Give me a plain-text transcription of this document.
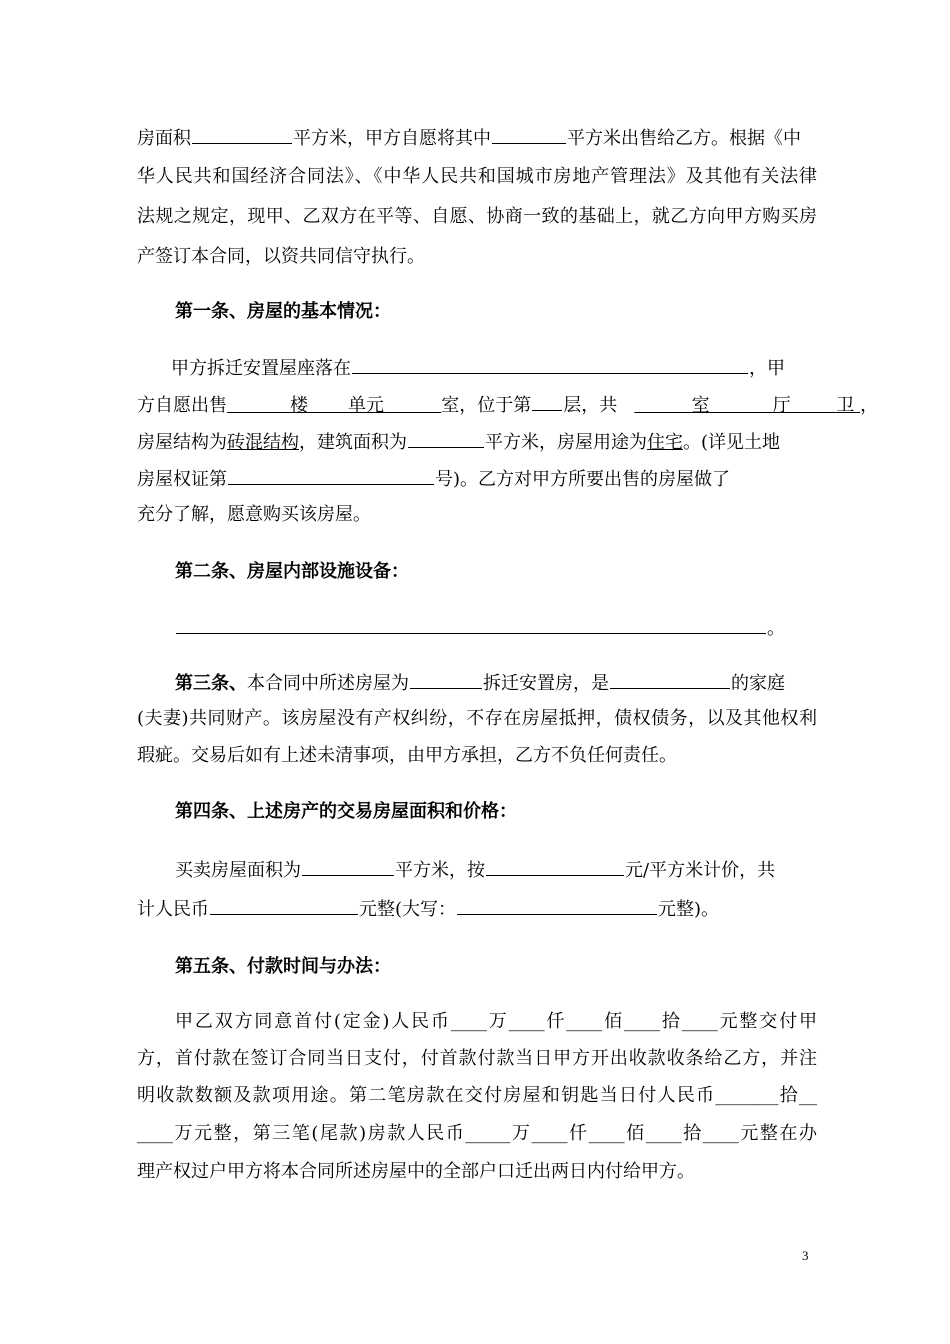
房面积	平方米，甲方自愿将其中	平方米出售给乙方。根据《中
华人民共和国经济合同法》、《中华人民共和国城市房地产管理法》及其他有关法律
法规之规定，现甲、乙双方在平等、自愿、协商一致的基础上，就乙方向甲方购买房
产签订本合同，以资共同信守执行。
第一条、房屋的基本情况：
甲方拆迁安置屋座落在	，甲
方自愿出售	楼 单元	室，位于第 层，共	室	厅	卫 ，
房屋结构为砖混结构，建筑面积为	平方米，房屋用途为住宅。(详见土地
房屋权证第	号)。乙方对甲方所要出售的房屋做了
充分了解，愿意购买该房屋。
第二条、房屋内部设施设备：
。
第三条、本合同中所述房屋为	拆迁安置房，是	的家庭
(夫妻)共同财产。该房屋没有产权纠纷，不存在房屋抵押，债权债务，以及其他权利
瑕疵。交易后如有上述未清事项，由甲方承担，乙方不负任何责任。
第四条、上述房产的交易房屋面积和价格：
买卖房屋面积为	平方米，按	元/平方米计价，共
计人民币	元整(大写：	元整)。
第五条、付款时间与办法：
甲乙双方同意首付(定金)人民币____万____仟____佰____拾____元整交付甲
方，首付款在签订合同当日支付，付首款付款当日甲方开出收款收条给乙方，并注
明收款数额及款项用途。第二笔房款在交付房屋和钥匙当日付人民币_______拾__
____万元整，第三笔(尾款)房款人民币_____万____仟____佰____拾____元整在办
理产权过户甲方将本合同所述房屋中的全部户口迁出两日内付给甲方。
3
